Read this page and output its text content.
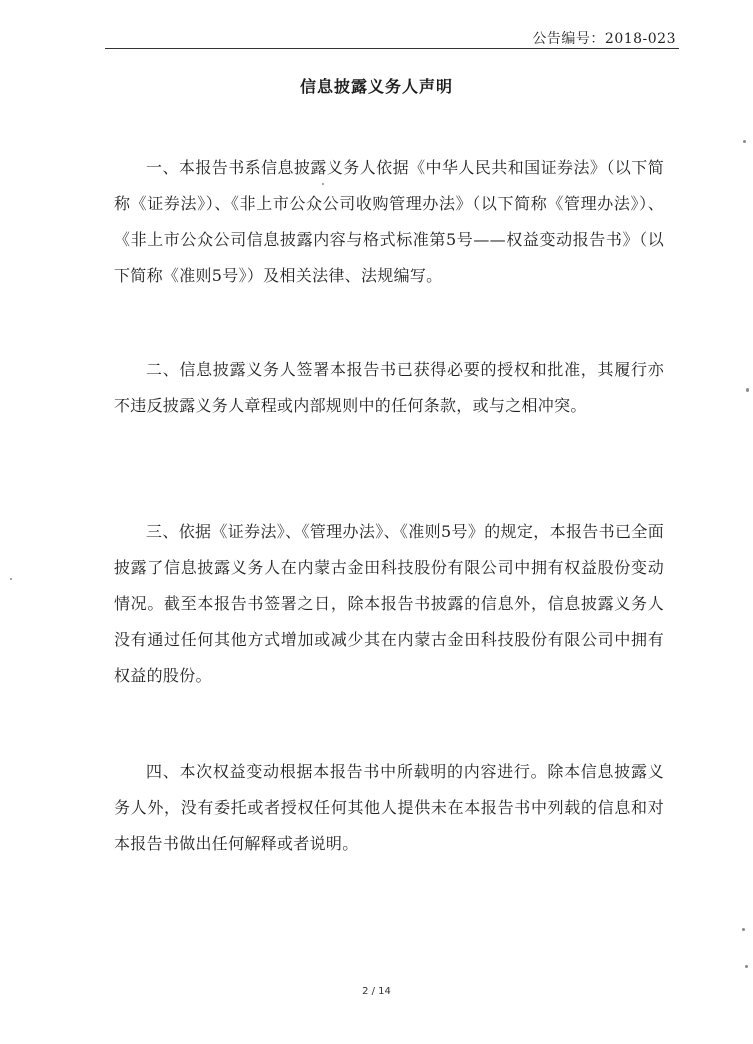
公告编号：2018-023
信息披露义务人声明

一、本报告书系信息披露义务人依据《中华人民共和国证券法》（以下简称《证券法》）、《非上市公众公司收购管理办法》（以下简称《管理办法》）、《非上市公众公司信息披露内容与格式标准第5号——权益变动报告书》（以下简称《准则5号》）及相关法律、法规编写。

二、信息披露义务人签署本报告书已获得必要的授权和批准，其履行亦不违反披露义务人章程或内部规则中的任何条款，或与之相冲突。

三、依据《证券法》、《管理办法》、《准则5号》的规定，本报告书已全面披露了信息披露义务人在内蒙古金田科技股份有限公司中拥有权益股份变动情况。截至本报告书签署之日，除本报告书披露的信息外，信息披露义务人没有通过任何其他方式增加或减少其在内蒙古金田科技股份有限公司中拥有权益的股份。

四、本次权益变动根据本报告书中所载明的内容进行。除本信息披露义务人外，没有委托或者授权任何其他人提供未在本报告书中列载的信息和对本报告书做出任何解释或者说明。

2 / 14
